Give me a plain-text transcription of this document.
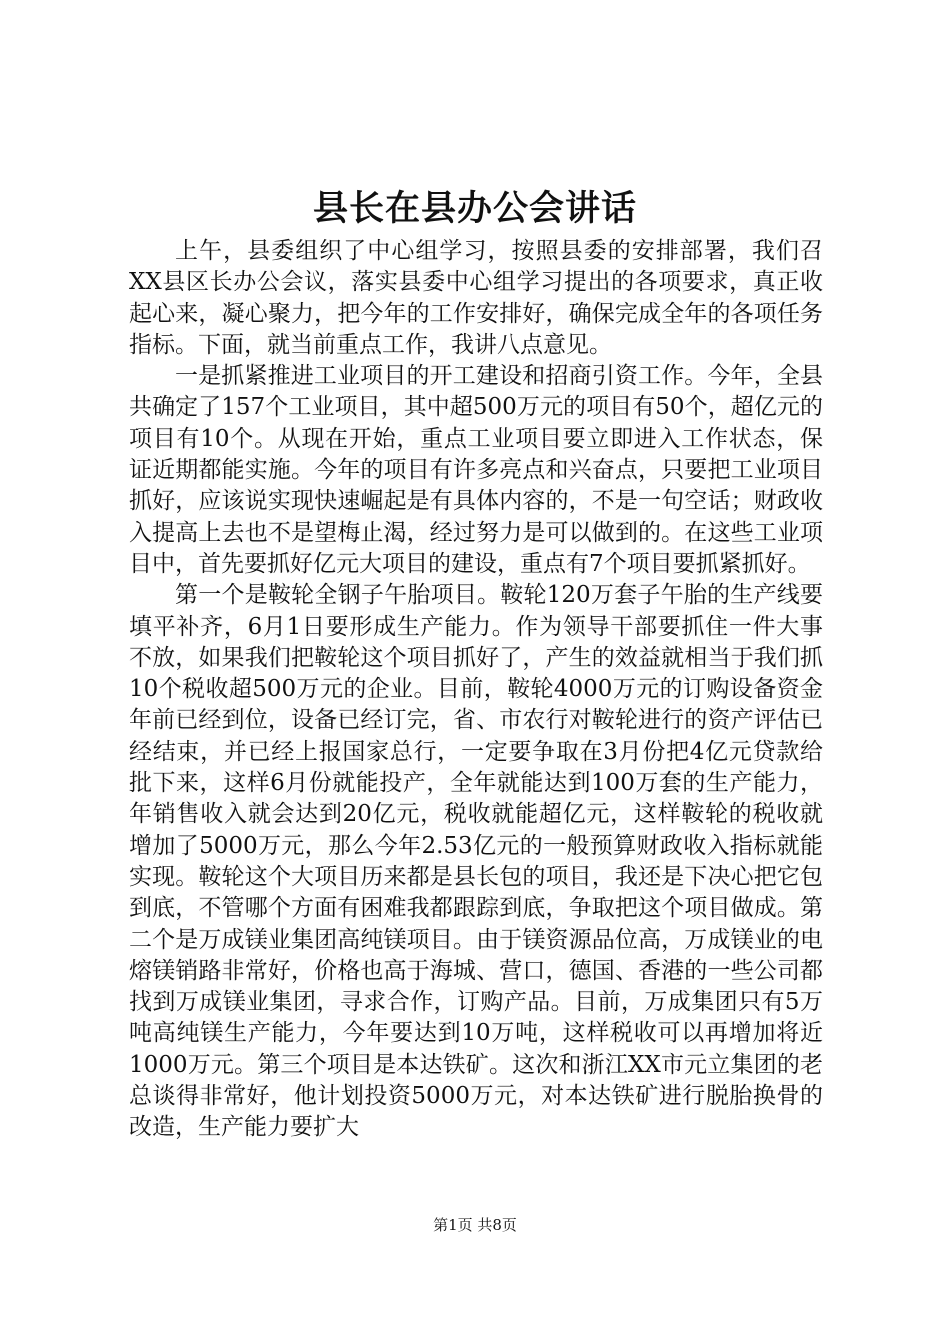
县长在县办公会讲话

上午，县委组织了中心组学习，按照县委的安排部署，我们召XX县区长办公会议，落实县委中心组学习提出的各项要求，真正收起心来，凝心聚力，把今年的工作安排好，确保完成全年的各项任务指标。下面，就当前重点工作，我讲八点意见。

一是抓紧推进工业项目的开工建设和招商引资工作。今年，全县共确定了157个工业项目，其中超500万元的项目有50个，超亿元的项目有10个。从现在开始，重点工业项目要立即进入工作状态，保证近期都能实施。今年的项目有许多亮点和兴奋点，只要把工业项目抓好，应该说实现快速崛起是有具体内容的，不是一句空话；财政收入提高上去也不是望梅止渴，经过努力是可以做到的。在这些工业项目中，首先要抓好亿元大项目的建设，重点有7个项目要抓紧抓好。

第一个是鞍轮全钢子午胎项目。鞍轮120万套子午胎的生产线要填平补齐，6月1日要形成生产能力。作为领导干部要抓住一件大事不放，如果我们把鞍轮这个项目抓好了，产生的效益就相当于我们抓10个税收超500万元的企业。目前，鞍轮4000万元的订购设备资金年前已经到位，设备已经订完，省、市农行对鞍轮进行的资产评估已经结束，并已经上报国家总行，一定要争取在3月份把4亿元贷款给批下来，这样6月份就能投产，全年就能达到100万套的生产能力，年销售收入就会达到20亿元，税收就能超亿元，这样鞍轮的税收就增加了5000万元，那么今年2.53亿元的一般预算财政收入指标就能实现。鞍轮这个大项目历来都是县长包的项目，我还是下决心把它包到底，不管哪个方面有困难我都跟踪到底，争取把这个项目做成。第二个是万成镁业集团高纯镁项目。由于镁资源品位高，万成镁业的电熔镁销路非常好，价格也高于海城、营口，德国、香港的一些公司都找到万成镁业集团，寻求合作，订购产品。目前，万成集团只有5万吨高纯镁生产能力，今年要达到10万吨，这样税收可以再增加将近1000万元。第三个项目是本达铁矿。这次和浙江XX市元立集团的老总谈得非常好，他计划投资5000万元，对本达铁矿进行脱胎换骨的改造，生产能力要扩大

第1页 共8页
